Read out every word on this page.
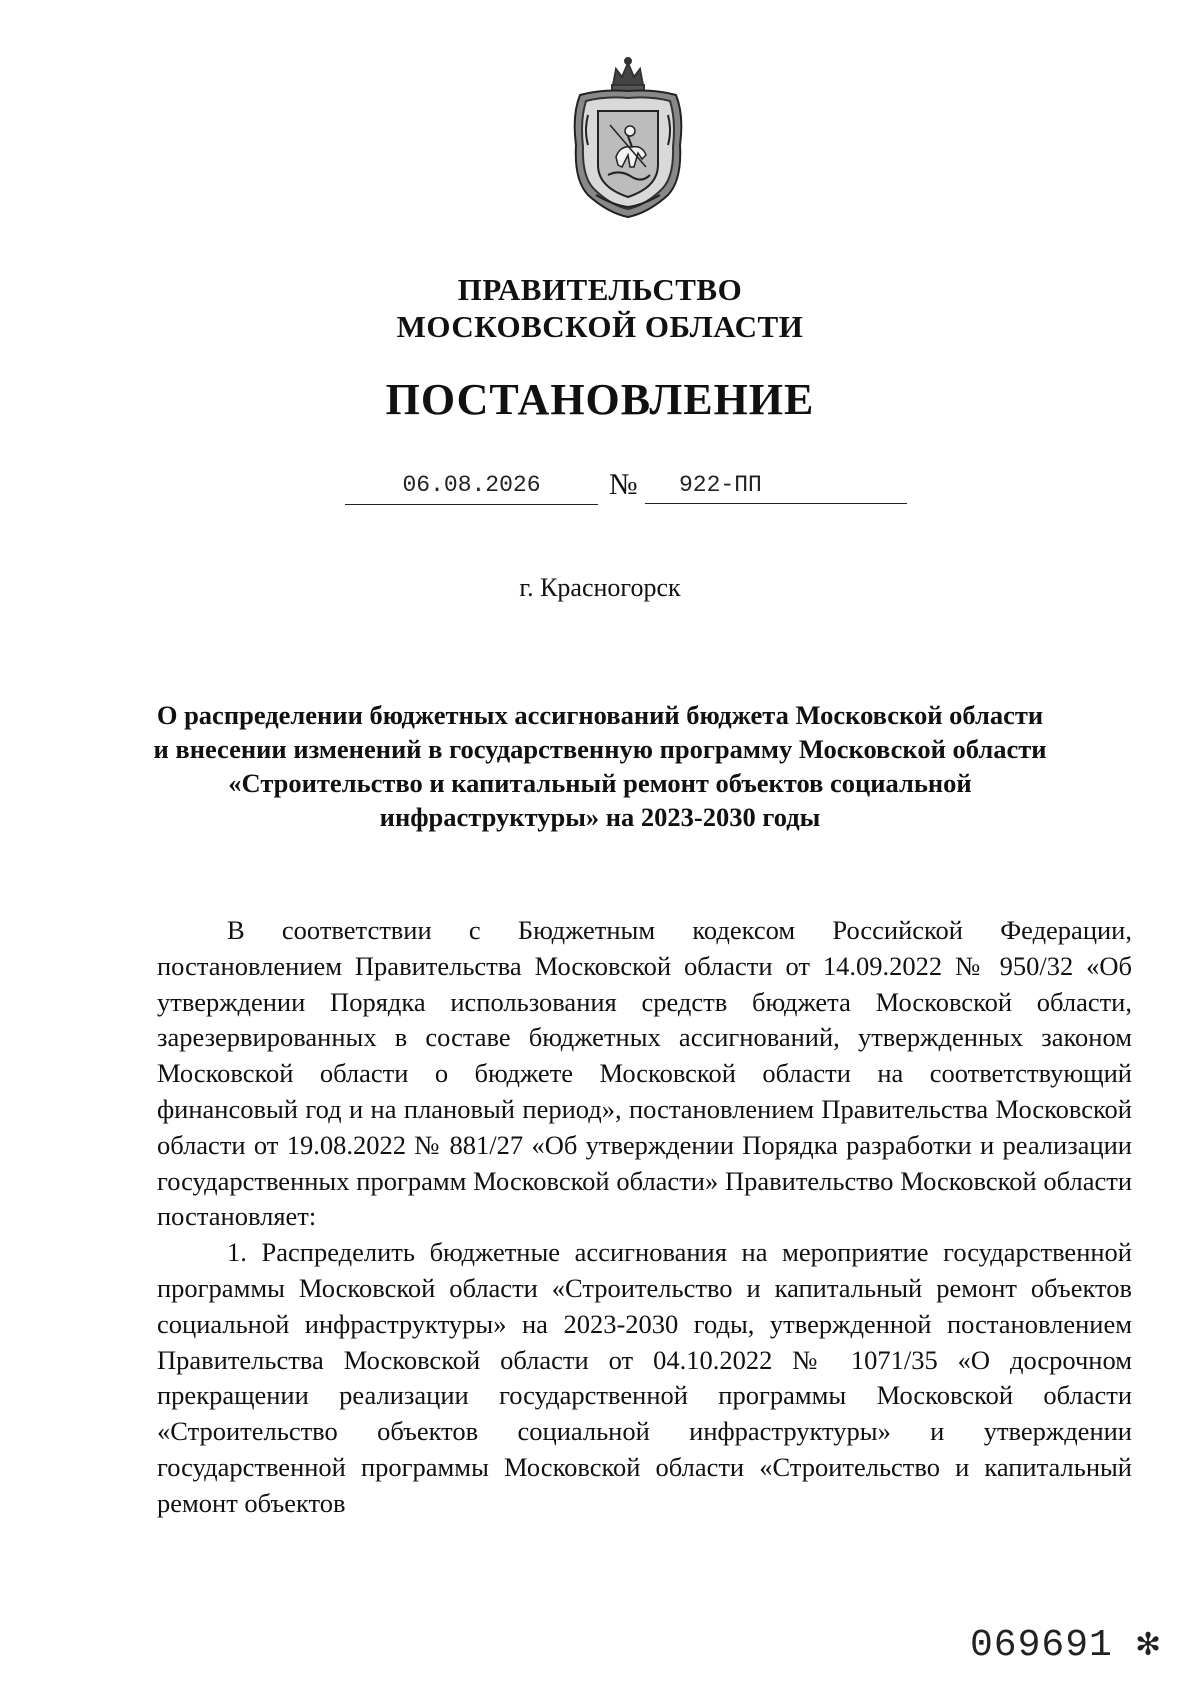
ПРАВИТЕЛЬСТВО
МОСКОВСКОЙ ОБЛАСТИ
ПОСТАНОВЛЕНИЕ
06.08.2026	№	922-ПП
г. Красногорск
О распределении бюджетных ассигнований бюджета Московской области и внесении изменений в государственную программу Московской области «Строительство и капитальный ремонт объектов социальной инфраструктуры» на 2023-2030 годы

В соответствии с Бюджетным кодексом Российской Федерации, постановлением Правительства Московской области от 14.09.2022 № 950/32 «Об утверждении Порядка использования средств бюджета Московской области, зарезервированных в составе бюджетных ассигнований, утвержденных законом Московской области о бюджете Московской области на соответствующий финансовый год и на плановый период», постановлением Правительства Московской области от 19.08.2022 № 881/27 «Об утверждении Порядка разработки и реализации государственных программ Московской области» Правительство Московской области постановляет:

1. Распределить бюджетные ассигнования на мероприятие государственной программы Московской области «Строительство и капитальный ремонт объектов социальной инфраструктуры» на 2023-2030 годы, утвержденной постановлением Правительства Московской области от 04.10.2022 № 1071/35 «О досрочном прекращении реализации государственной программы Московской области «Строительство объектов социальной инфраструктуры» и утверждении государственной программы Московской области «Строительство и капитальный ремонт объектов

069691 ✻
